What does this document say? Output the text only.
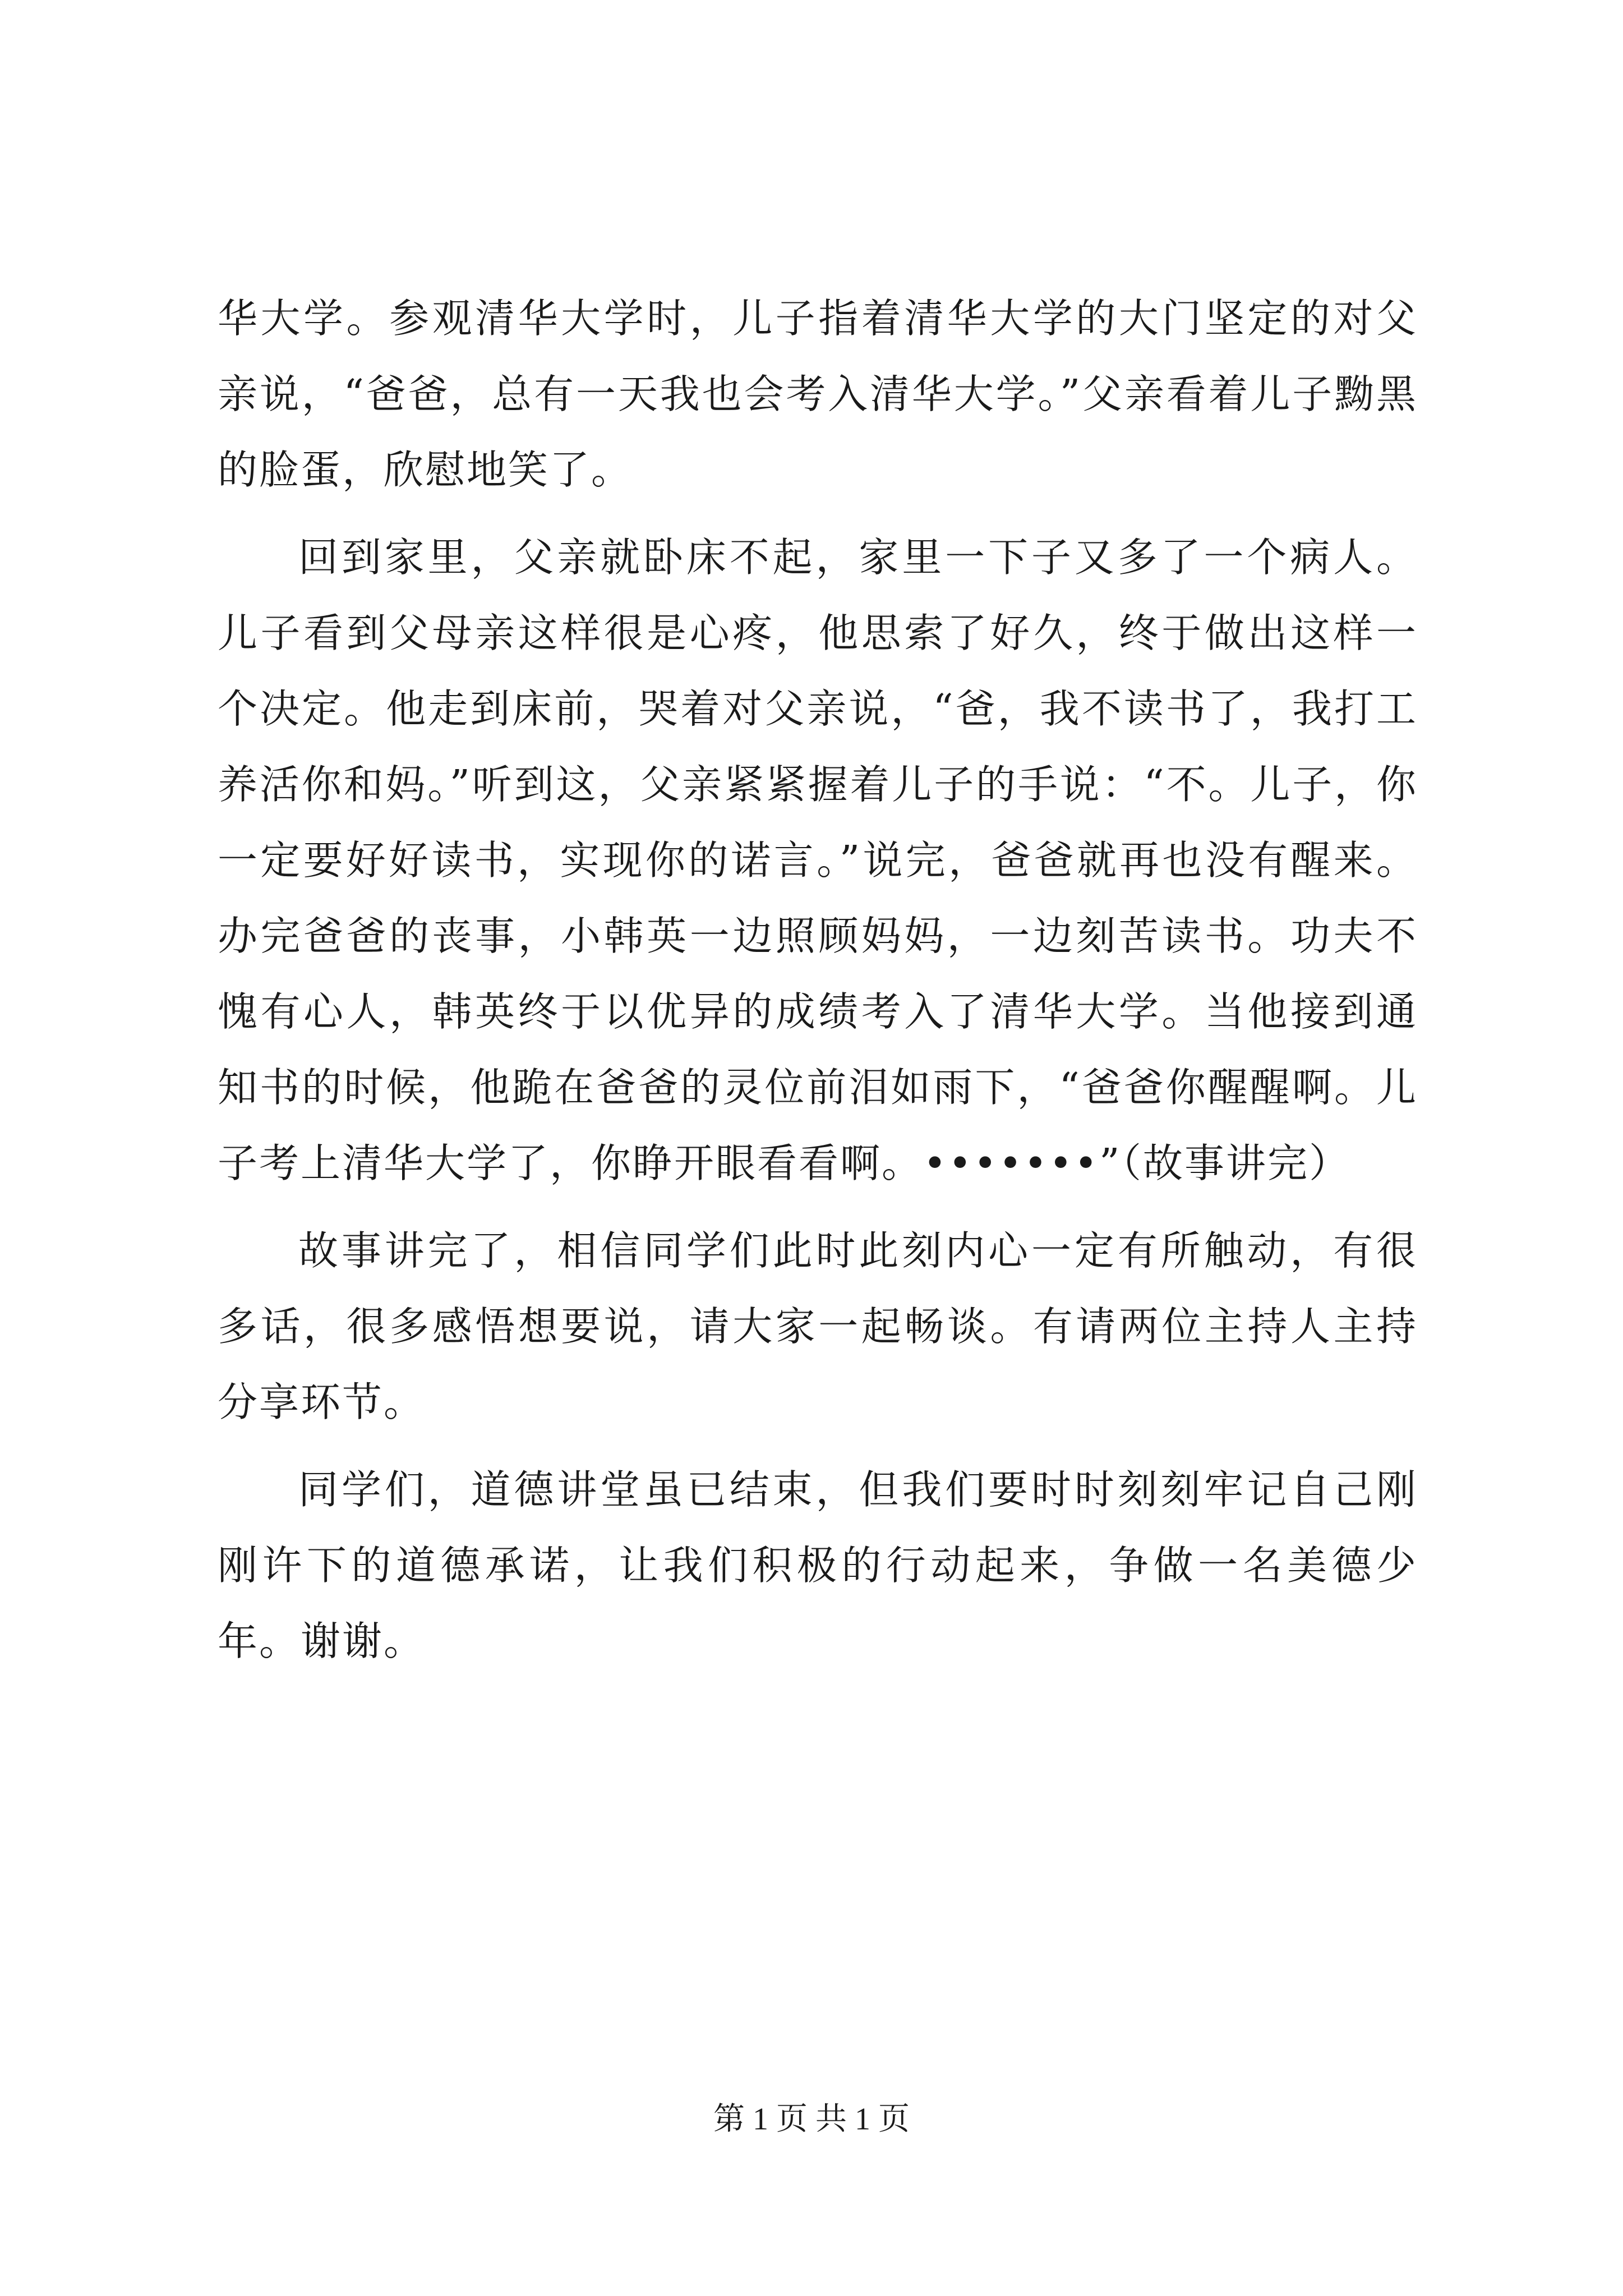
华大学。参观清华大学时，儿子指着清华大学的大门坚定的对父亲说，“爸爸，总有一天我也会考入清华大学。”父亲看着儿子黝黑的脸蛋，欣慰地笑了。

回到家里，父亲就卧床不起，家里一下子又多了一个病人。儿子看到父母亲这样很是心疼，他思索了好久，终于做出这样一个决定。他走到床前，哭着对父亲说，“爸，我不读书了，我打工养活你和妈。”听到这，父亲紧紧握着儿子的手说：“不。儿子，你一定要好好读书，实现你的诺言。”说完，爸爸就再也没有醒来。办完爸爸的丧事，小韩英一边照顾妈妈，一边刻苦读书。功夫不愧有心人，韩英终于以优异的成绩考入了清华大学。当他接到通知书的时候，他跪在爸爸的灵位前泪如雨下，“爸爸你醒醒啊。儿子考上清华大学了，你睁开眼看看啊。•••••••”（故事讲完）

故事讲完了，相信同学们此时此刻内心一定有所触动，有很多话，很多感悟想要说，请大家一起畅谈。有请两位主持人主持分享环节。

同学们，道德讲堂虽已结束，但我们要时时刻刻牢记自己刚刚许下的道德承诺，让我们积极的行动起来，争做一名美德少年。谢谢。

第 1 页 共 1 页
